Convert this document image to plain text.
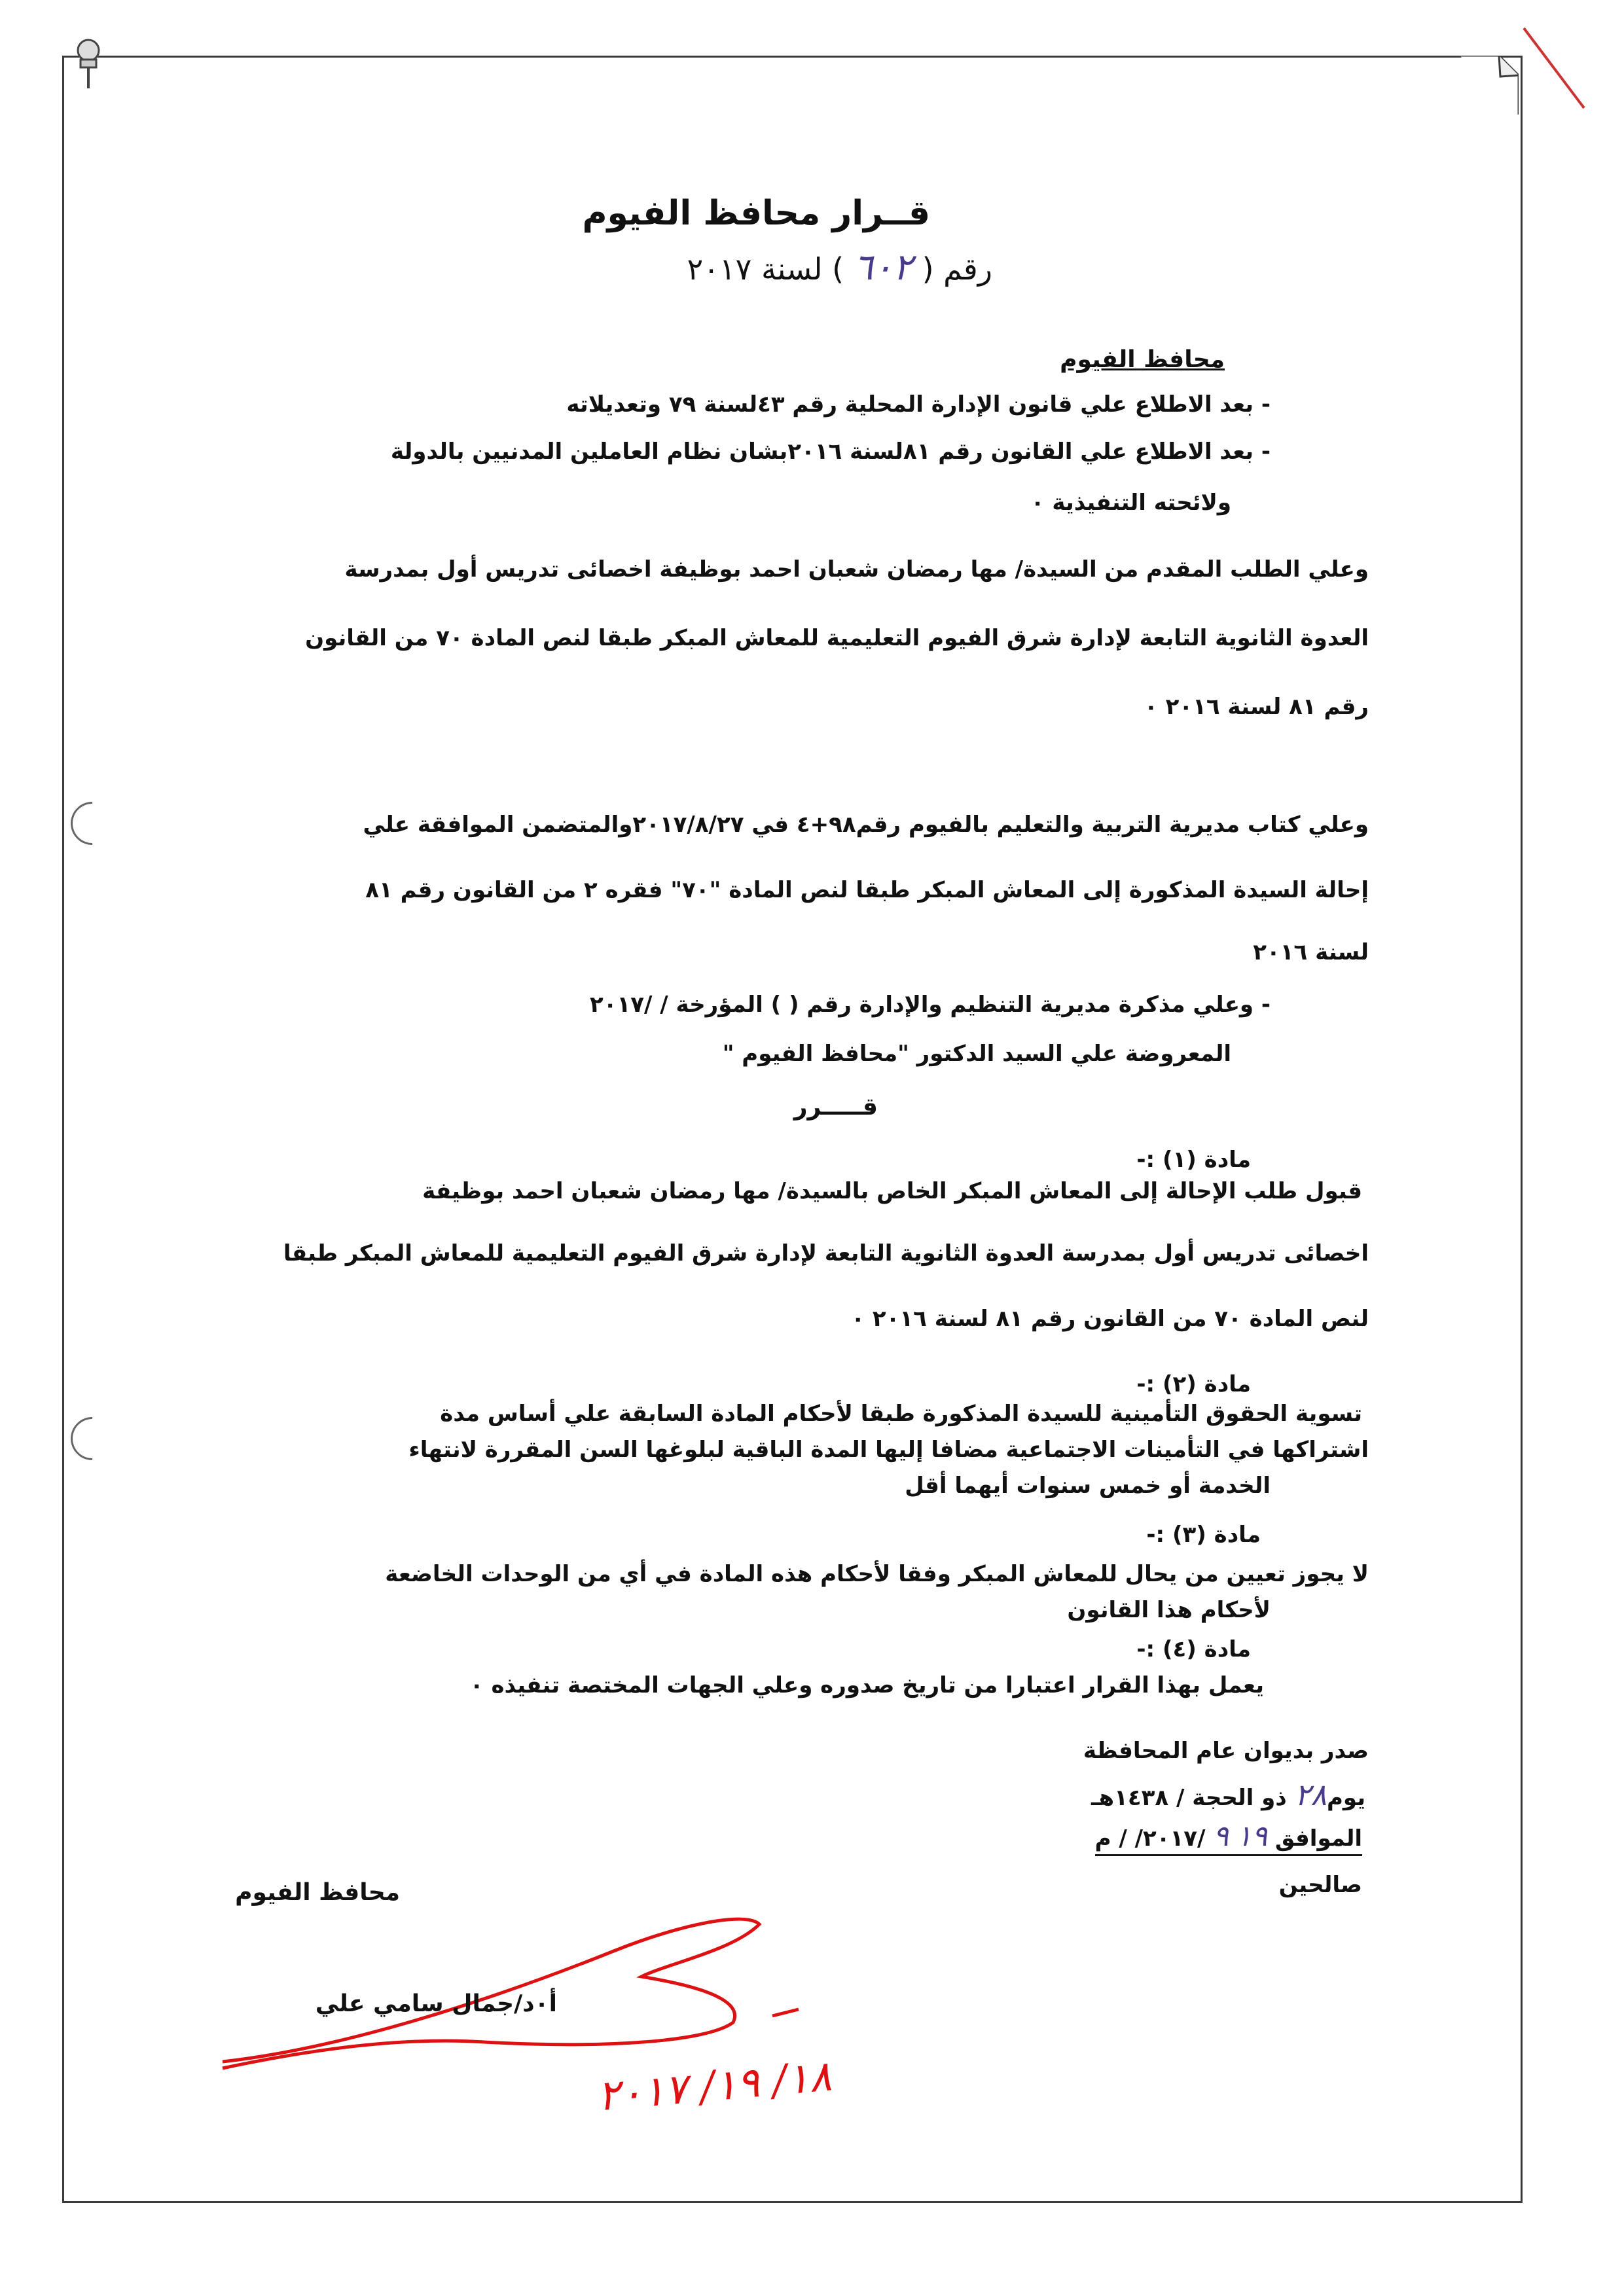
قــرار محافظ الفيوم
رقم ( ٦٠٢ ) لسنة ٢٠١٧
محافظ الفيوم
- بعد الاطلاع علي قانون الإدارة المحلية رقم ٤٣لسنة ٧٩ وتعديلاته
- بعد الاطلاع علي القانون رقم ٨١لسنة ٢٠١٦بشان نظام العاملين المدنيين بالدولة
ولائحته التنفيذية ٠
وعلي الطلب المقدم من السيدة/ مها رمضان شعبان احمد بوظيفة اخصائى تدريس أول بمدرسة
العدوة الثانوية التابعة لإدارة شرق الفيوم التعليمية للمعاش المبكر طبقا لنص المادة ٧٠ من القانون
رقم ٨١ لسنة ٢٠١٦ ٠
وعلي كتاب مديرية التربية والتعليم بالفيوم رقم٩٨+٤ في ٢٠١٧/٨/٢٧والمتضمن الموافقة علي
إحالة السيدة المذكورة إلى المعاش المبكر طبقا لنص المادة "٧٠" فقره ٢ من القانون رقم ٨١
لسنة ٢٠١٦
- وعلي مذكرة مديرية التنظيم والإدارة رقم ( ) المؤرخة / /٢٠١٧
المعروضة علي السيد الدكتور "محافظ الفيوم "
قـــــرر
مادة (١) :-
قبول طلب الإحالة إلى المعاش المبكر الخاص بالسيدة/ مها رمضان شعبان احمد بوظيفة
اخصائى تدريس أول بمدرسة العدوة الثانوية التابعة لإدارة شرق الفيوم التعليمية للمعاش المبكر طبقا
لنص المادة ٧٠ من القانون رقم ٨١ لسنة ٢٠١٦ ٠
مادة (٢) :-
تسوية الحقوق التأمينية للسيدة المذكورة طبقا لأحكام المادة السابقة علي أساس مدة
اشتراكها في التأمينات الاجتماعية مضافا إليها المدة الباقية لبلوغها السن المقررة لانتهاء
الخدمة أو خمس سنوات أيهما أقل
مادة (٣) :-
لا يجوز تعيين من يحال للمعاش المبكر وفقا لأحكام هذه المادة في أي من الوحدات الخاضعة
لأحكام هذا القانون
مادة (٤) :-
يعمل بهذا القرار اعتبارا من تاريخ صدوره وعلي الجهات المختصة تنفيذه ٠
صدر بديوان عام المحافظة
يوم٢٨ ذو الحجة / ١٤٣٨هـ
الموافق ١٩ ٩ /٢٠١٧/ / م
صالحين
محافظ الفيوم
أ٠د/جمال سامي علي
١٨/ ١٩/ ٢٠١٧
